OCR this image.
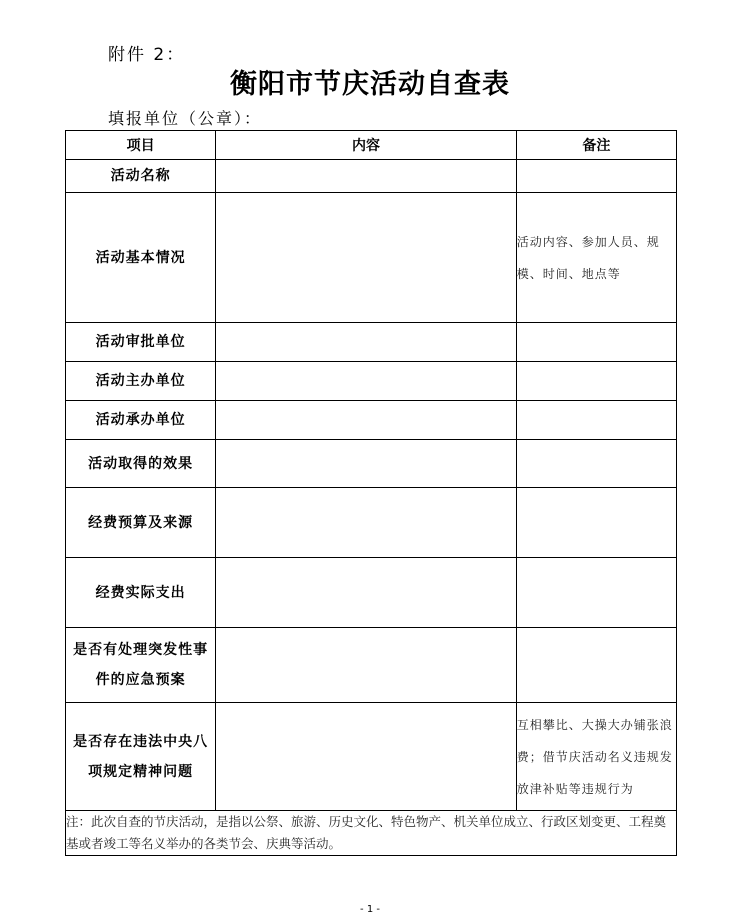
附件 2：
衡阳市节庆活动自查表
填报单位（公章）：
项目	内容	备注
活动名称		
活动基本情况		活动内容、参加人员、规模、时间、地点等
活动审批单位		
活动主办单位		
活动承办单位		
活动取得的效果		
经费预算及来源		
经费实际支出		
是否有处理突发性事件的应急预案		
是否存在违法中央八项规定精神问题		互相攀比、大操大办铺张浪费；借节庆活动名义违规发放津补贴等违规行为
注：此次自查的节庆活动，是指以公祭、旅游、历史文化、特色物产、机关单位成立、行政区划变更、工程奠基或者竣工等名义举办的各类节会、庆典等活动。		
- 1 -
